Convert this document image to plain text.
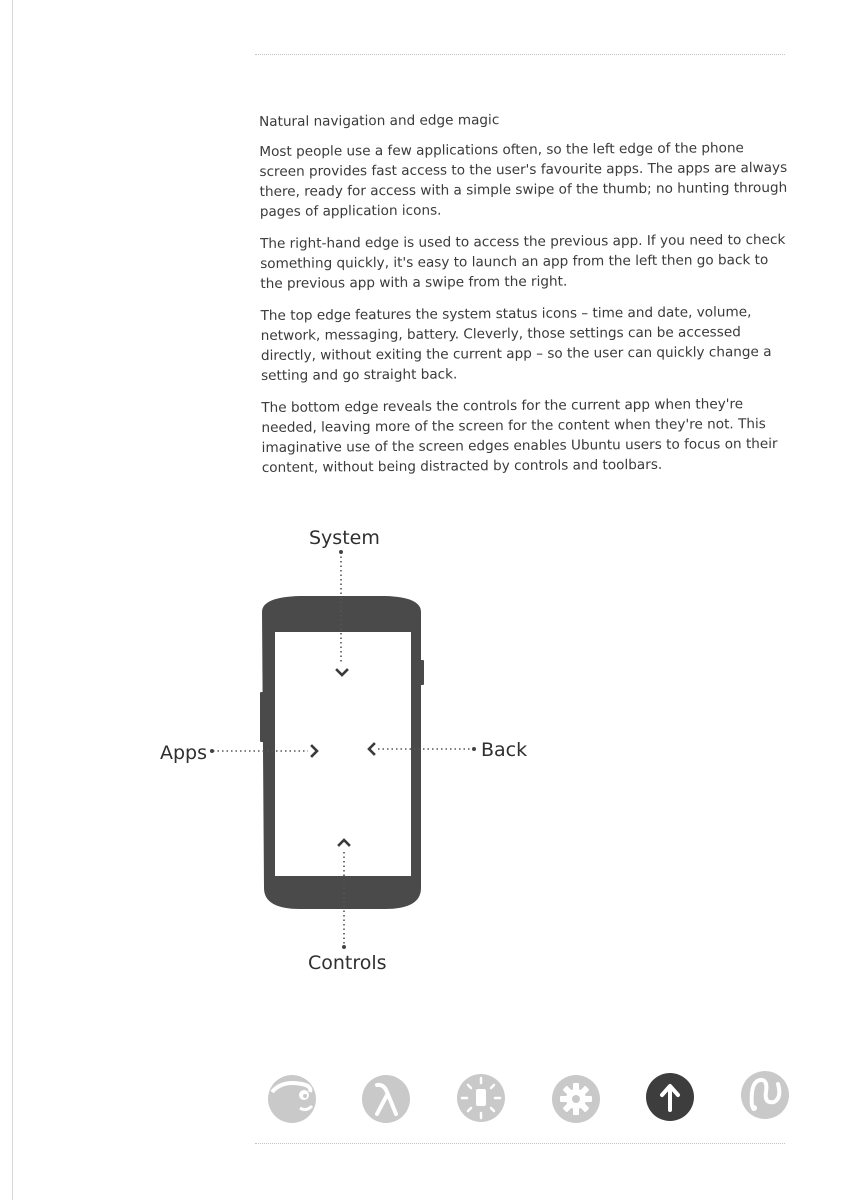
Natural navigation and edge magic

Most people use a few applications often, so the left edge of the phone screen provides fast access to the user's favourite apps. The apps are always there, ready for access with a simple swipe of the thumb; no hunting through pages of application icons.

The right-hand edge is used to access the previous app. If you need to check something quickly, it's easy to launch an app from the left then go back to the previous app with a swipe from the right.

The top edge features the system status icons – time and date, volume, network, messaging, battery. Cleverly, those settings can be accessed directly, without exiting the current app – so the user can quickly change a setting and go straight back.

The bottom edge reveals the controls for the current app when they're needed, leaving more of the screen for the content when they're not. This imaginative use of the screen edges enables Ubuntu users to focus on their content, without being distracted by controls and toolbars.

System
Apps	Back
Controls
